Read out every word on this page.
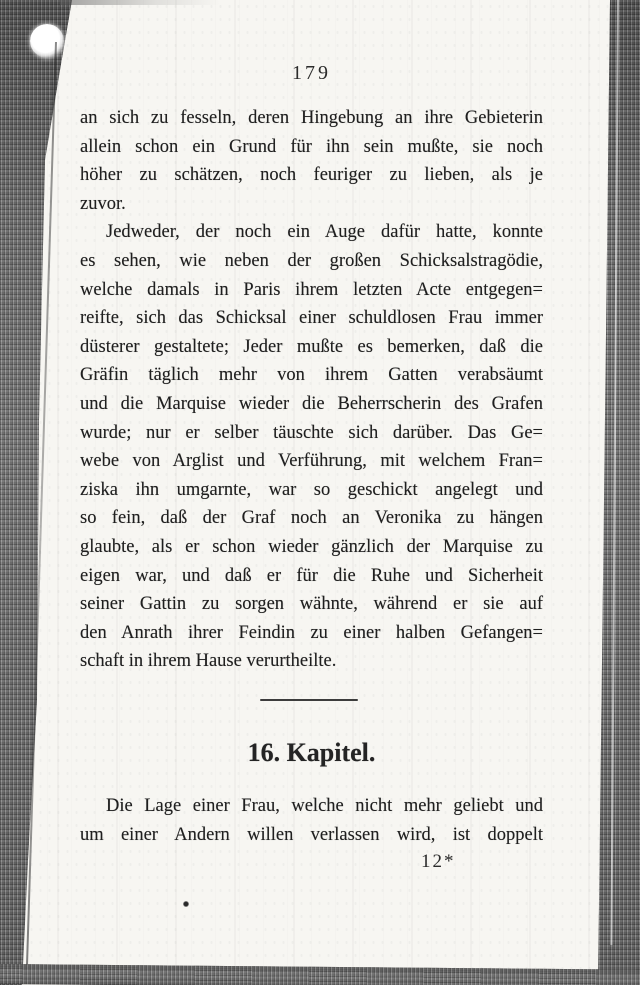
179
an sich zu fesseln, deren Hingebung an ihre Gebieterin
allein schon ein Grund für ihn sein mußte, sie noch
höher zu schätzen, noch feuriger zu lieben, als je
zuvor.
Jedweder, der noch ein Auge dafür hatte, konnte
es sehen, wie neben der großen Schicksalstragödie,
welche damals in Paris ihrem letzten Acte entgegen=
reifte, sich das Schicksal einer schuldlosen Frau immer
düsterer gestaltete; Jeder mußte es bemerken, daß die
Gräfin täglich mehr von ihrem Gatten verabsäumt
und die Marquise wieder die Beherrscherin des Grafen
wurde; nur er selber täuschte sich darüber. Das Ge=
webe von Arglist und Verführung, mit welchem Fran=
ziska ihn umgarnte, war so geschickt angelegt und
so fein, daß der Graf noch an Veronika zu hängen
glaubte, als er schon wieder gänzlich der Marquise zu
eigen war, und daß er für die Ruhe und Sicherheit
seiner Gattin zu sorgen wähnte, während er sie auf
den Anrath ihrer Feindin zu einer halben Gefangen=
schaft in ihrem Hause verurtheilte.
16. Kapitel.
Die Lage einer Frau, welche nicht mehr geliebt und
um einer Andern willen verlassen wird, ist doppelt
12*
